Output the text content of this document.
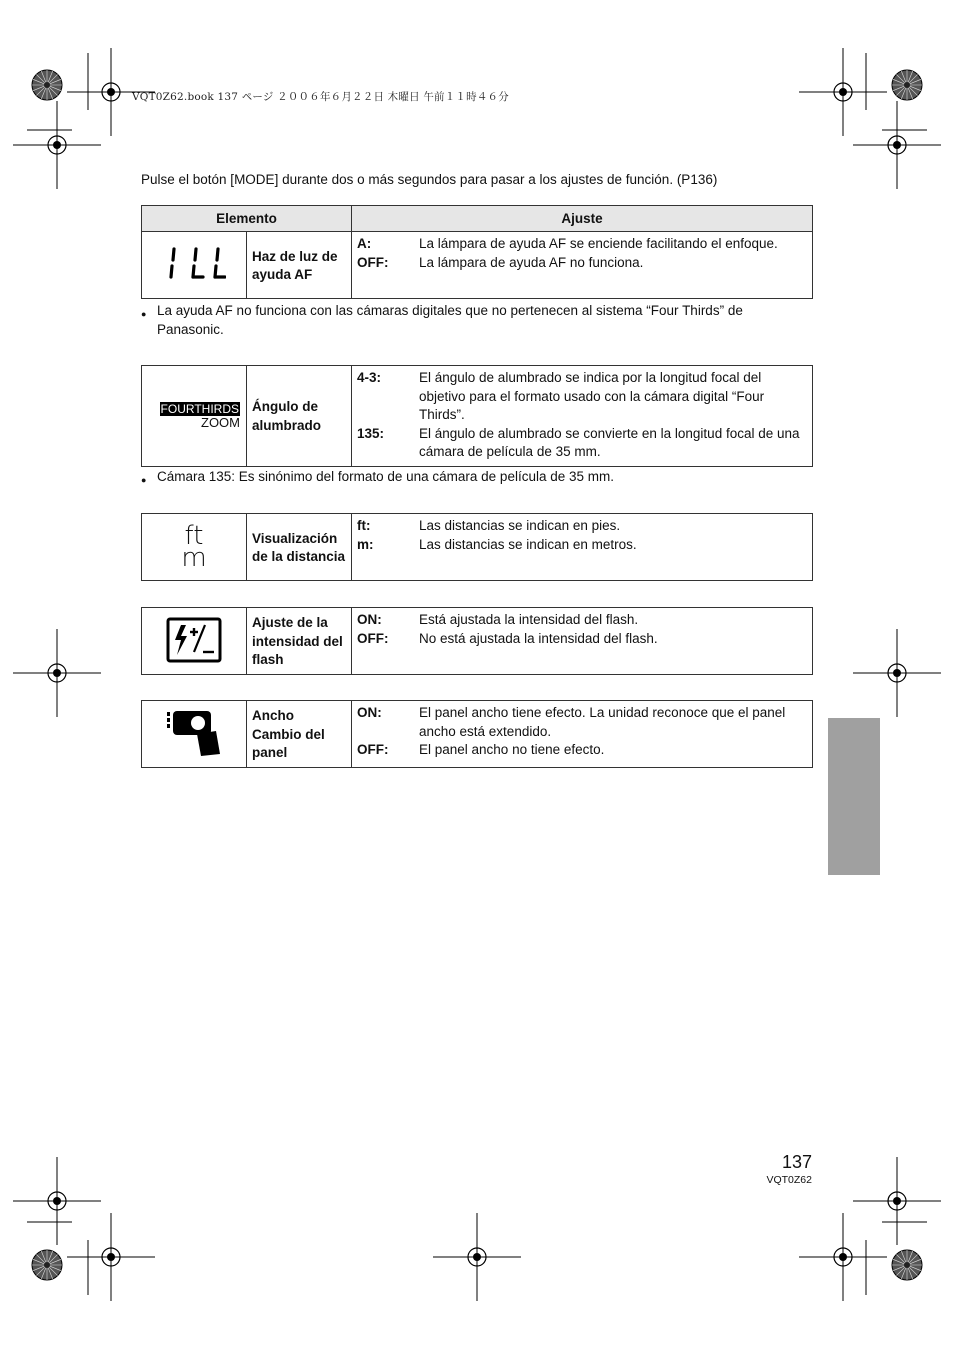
VQT0Z62.book 137 ページ ２００６年６月２２日 木曜日 午前１１時４６分
Pulse el botón [MODE] durante dos o más segundos para pasar a los ajustes de función. (P136)
Elemento		Ajuste
	Haz de luz de ayuda AF	A: La lámpara de ayuda AF se enciende facilitando el enfoque.
OFF: La lámpara de ayuda AF no funciona.
● La ayuda AF no funciona con las cámaras digitales que no pertenecen al sistema “Four Thirds” de Panasonic.
FOURTHIRDS
ZOOM	Ángulo de alumbrado	
4-3:	El ángulo de alumbrado se indica por la longitud focal del objetivo para el formato usado con la cámara digital “Four Thirds”.
135:	El ángulo de alumbrado se convierte en la longitud focal de una cámara de película de 35 mm.
● Cámara 135: Es sinónimo del formato de una cámara de película de 35 mm.
ft
m
	Visualización de la distancia	
ft:	Las distancias se indican en pies.
m:	Las distancias se indican en metros.
	Ajuste de la intensidad del flash	
ON:	Está ajustada la intensidad del flash.
OFF:	No está ajustada la intensidad del flash.
	Ancho Cambio del panel	
ON:	El panel ancho tiene efecto. La unidad reconoce que el panel ancho está extendido.
OFF:	El panel ancho no tiene efecto.
137
VQT0Z62
